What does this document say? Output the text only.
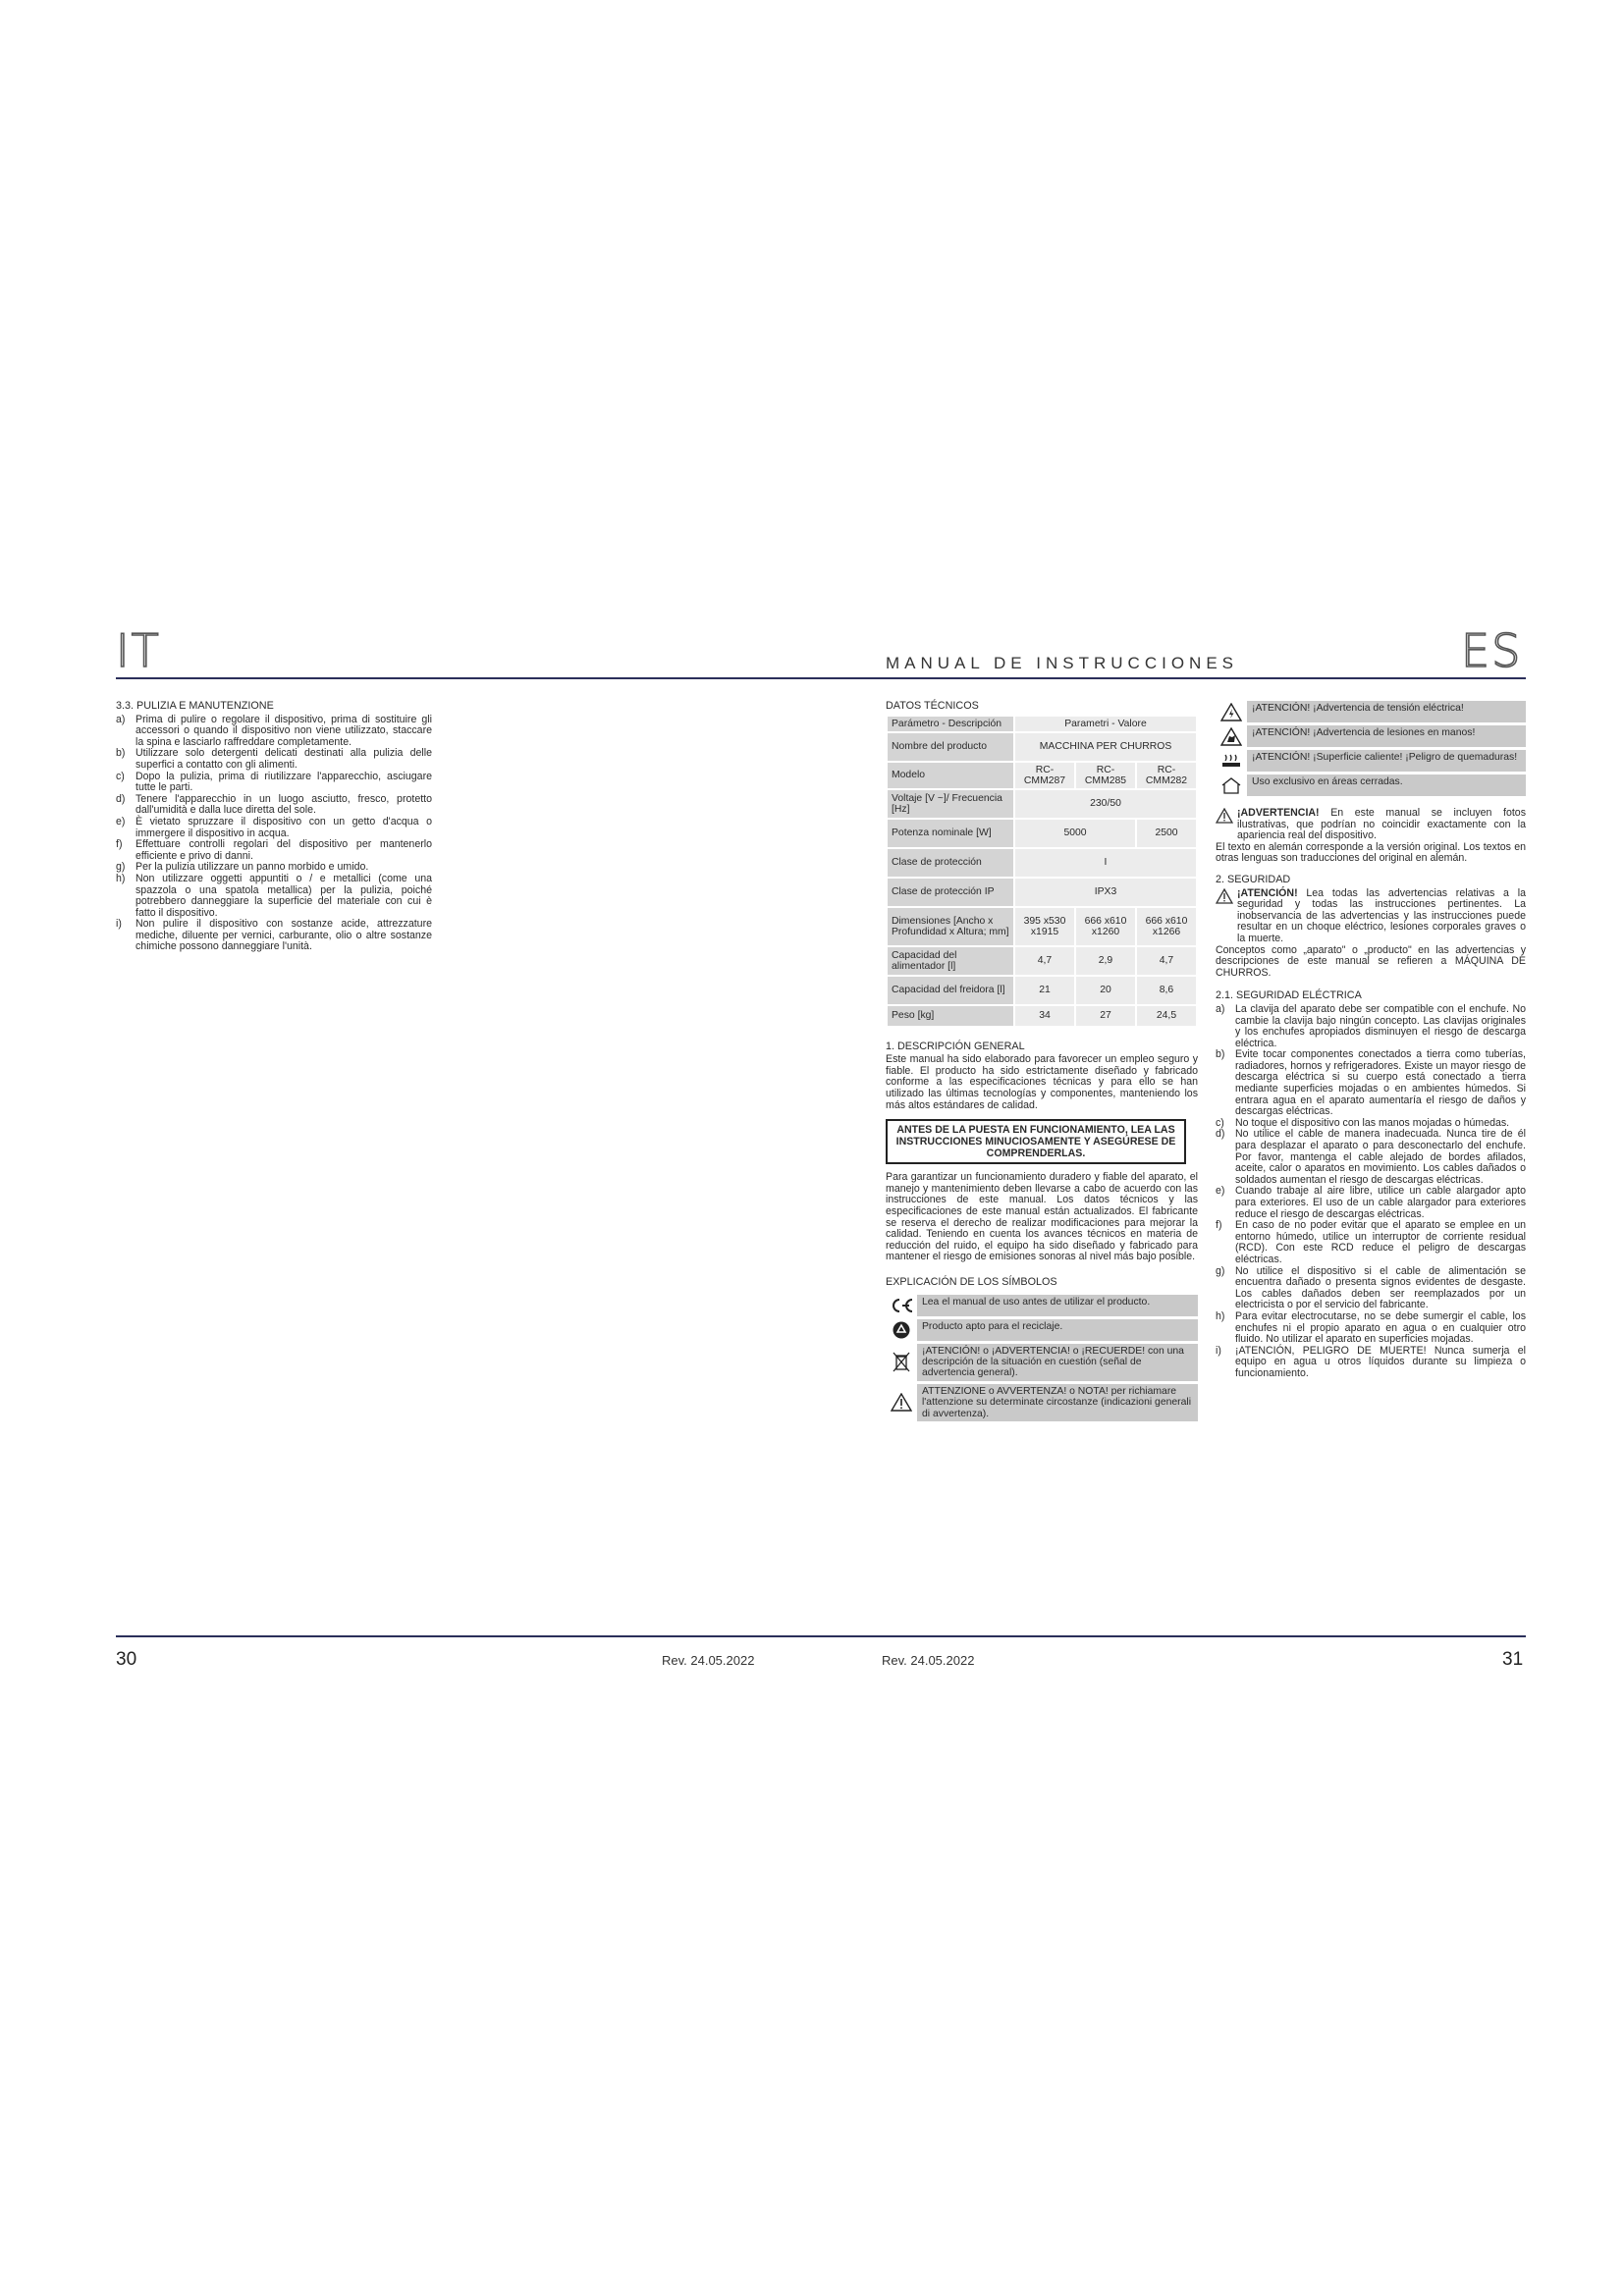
IT	MANUAL DE INSTRUCCIONES	ES
3.3. PULIZIA E MANUTENZIONE
a) Prima di pulire o regolare il dispositivo, prima di sostituire gli accessori o quando il dispositivo non viene utilizzato, staccare la spina e lasciarlo raffreddare completamente.
b) Utilizzare solo detergenti delicati destinati alla pulizia delle superfici a contatto con gli alimenti.
c) Dopo la pulizia, prima di riutilizzare l'apparecchio, asciugare tutte le parti.
d) Tenere l'apparecchio in un luogo asciutto, fresco, protetto dall'umidità e dalla luce diretta del sole.
e) È vietato spruzzare il dispositivo con un getto d'acqua o immergere il dispositivo in acqua.
f) Effettuare controlli regolari del dispositivo per mantenerlo efficiente e privo di danni.
g) Per la pulizia utilizzare un panno morbido e umido.
h) Non utilizzare oggetti appuntiti o / e metallici (come una spazzola o una spatola metallica) per la pulizia, poiché potrebbero danneggiare la superficie del materiale con cui è fatto il dispositivo.
i) Non pulire il dispositivo con sostanze acide, attrezzature mediche, diluente per vernici, carburante, olio o altre sostanze chimiche possono danneggiare l'unità.
DATOS TÉCNICOS
Parámetro - Descripción	Parametri - Valore		
Nombre del producto	MACCHINA PER CHURROS		
Modelo	RC-CMM287	RC-CMM285	RC-CMM282
Voltaje [V ~]/ Frecuencia [Hz]	230/50		
Potenza nominale [W]	5000		2500
Clase de protección	I		
Clase de protección IP	IPX3		
Dimensiones [Ancho x Profundidad x Altura; mm]	395 x530 x1915	666 x610 x1260	666 x610 x1266
Capacidad del alimentador [l]	4,7	2,9	4,7
Capacidad del freidora [l]	21	20	8,6
Peso [kg]	34	27	24,5
1. DESCRIPCIÓN GENERAL

Este manual ha sido elaborado para favorecer un empleo seguro y fiable. El producto ha sido estrictamente diseñado y fabricado conforme a las especificaciones técnicas y para ello se han utilizado las últimas tecnologías y componentes, manteniendo los más altos estándares de calidad.

ANTES DE LA PUESTA EN FUNCIONAMIENTO, LEA LAS INSTRUCCIONES MINUCIOSAMENTE Y ASEGÚRESE DE COMPRENDERLAS.

Para garantizar un funcionamiento duradero y fiable del aparato, el manejo y mantenimiento deben llevarse a cabo de acuerdo con las instrucciones de este manual. Los datos técnicos y las especificaciones de este manual están actualizados. El fabricante se reserva el derecho de realizar modificaciones para mejorar la calidad. Teniendo en cuenta los avances técnicos en materia de reducción del ruido, el equipo ha sido diseñado y fabricado para mantener el riesgo de emisiones sonoras al nivel más bajo posible.

EXPLICACIÓN DE LOS SÍMBOLOS
Lea el manual de uso antes de utilizar el producto.
Producto apto para el reciclaje.
¡ATENCIÓN! o ¡ADVERTENCIA! o ¡RECUERDE! con una descripción de la situación en cuestión (señal de advertencia general).
ATTENZIONE o AVVERTENZA! o NOTA! per richiamare l'attenzione su determinate circostanze (indicazioni generali di avvertenza).
¡ATENCIÓN! ¡Advertencia de tensión eléctrica!
¡ATENCIÓN! ¡Advertencia de lesiones en manos!
¡ATENCIÓN! ¡Superficie caliente! ¡Peligro de quemaduras!
Uso exclusivo en áreas cerradas.

¡ADVERTENCIA! En este manual se incluyen fotos ilustrativas, que podrían no coincidir exactamente con la apariencia real del dispositivo.

El texto en alemán corresponde a la versión original. Los textos en otras lenguas son traducciones del original en alemán.

2. SEGURIDAD

¡ATENCIÓN! Lea todas las advertencias relativas a la seguridad y todas las instrucciones pertinentes. La inobservancia de las advertencias y las instrucciones puede resultar en un choque eléctrico, lesiones corporales graves o la muerte.

Conceptos como „aparato" o „producto" en las advertencias y descripciones de este manual se refieren a MÁQUINA DE CHURROS.

2.1. SEGURIDAD ELÉCTRICA
a) La clavija del aparato debe ser compatible con el enchufe. No cambie la clavija bajo ningún concepto. Las clavijas originales y los enchufes apropiados disminuyen el riesgo de descarga eléctrica.
b) Evite tocar componentes conectados a tierra como tuberías, radiadores, hornos y refrigeradores. Existe un mayor riesgo de descarga eléctrica si su cuerpo está conectado a tierra mediante superficies mojadas o en ambientes húmedos. Si entrara agua en el aparato aumentaría el riesgo de daños y descargas eléctricas.
c) No toque el dispositivo con las manos mojadas o húmedas.
d) No utilice el cable de manera inadecuada. Nunca tire de él para desplazar el aparato o para desconectarlo del enchufe. Por favor, mantenga el cable alejado de bordes afilados, aceite, calor o aparatos en movimiento. Los cables dañados o soldados aumentan el riesgo de descargas eléctricas.
e) Cuando trabaje al aire libre, utilice un cable alargador apto para exteriores. El uso de un cable alargador para exteriores reduce el riesgo de descargas eléctricas.
f) En caso de no poder evitar que el aparato se emplee en un entorno húmedo, utilice un interruptor de corriente residual (RCD). Con este RCD reduce el peligro de descargas eléctricas.
g) No utilice el dispositivo si el cable de alimentación se encuentra dañado o presenta signos evidentes de desgaste. Los cables dañados deben ser reemplazados por un electricista o por el servicio del fabricante.
h) Para evitar electrocutarse, no se debe sumergir el cable, los enchufes ni el propio aparato en agua o en cualquier otro fluido. No utilizar el aparato en superficies mojadas.
i) ¡ATENCIÓN, PELIGRO DE MUERTE! Nunca sumerja el equipo en agua u otros líquidos durante su limpieza o funcionamiento.
30	Rev. 24.05.2022	Rev. 24.05.2022	31
